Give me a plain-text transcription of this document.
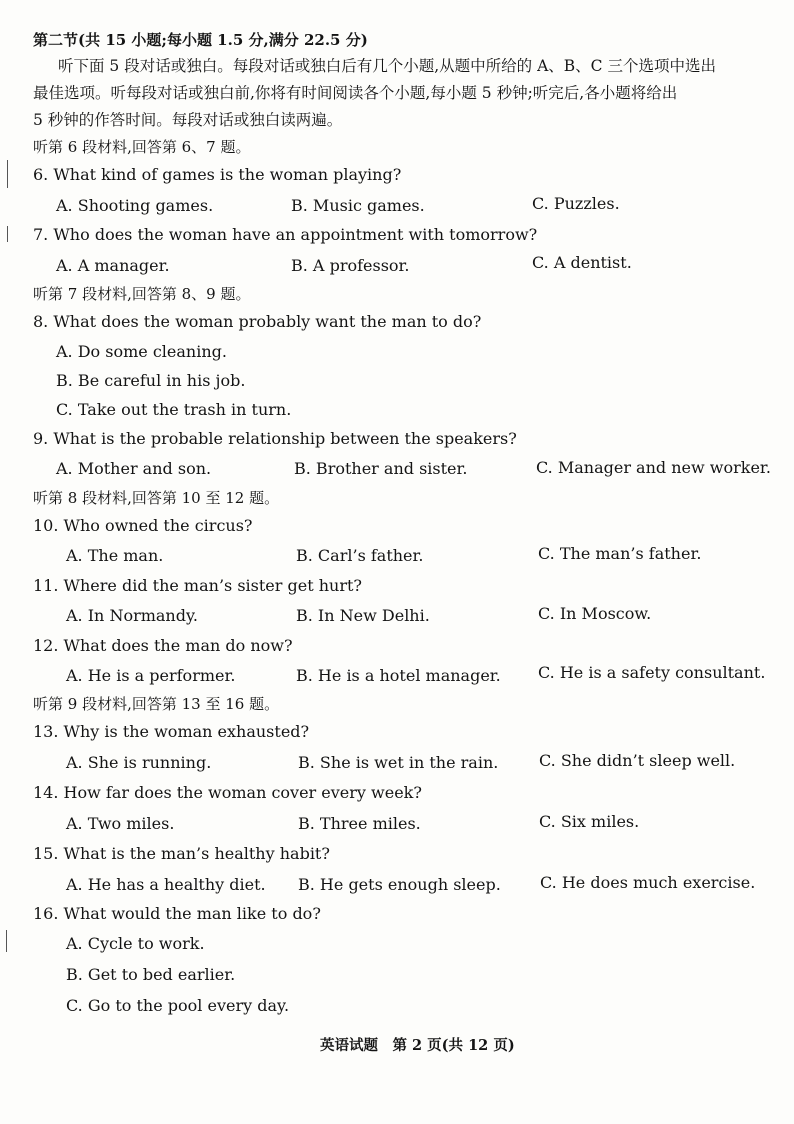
第二节(共 15 小题;每小题 1.5 分,满分 22.5 分)
听下面 5 段对话或独白。每段对话或独白后有几个小题,从题中所给的 A、B、C 三个选项中选出
最佳选项。听每段对话或独白前,你将有时间阅读各个小题,每小题 5 秒钟;听完后,各小题将给出
5 秒钟的作答时间。每段对话或独白读两遍。
听第 6 段材料,回答第 6、7 题。
6. What kind of games is the woman playing?
A. Shooting games.	B. Music games.	C. Puzzles.
7. Who does the woman have an appointment with tomorrow?
A. A manager.	B. A professor.	C. A dentist.
听第 7 段材料,回答第 8、9 题。
8. What does the woman probably want the man to do?
A. Do some cleaning.
B. Be careful in his job.
C. Take out the trash in turn.
9. What is the probable relationship between the speakers?
A. Mother and son.	B. Brother and sister.	C. Manager and new worker.
听第 8 段材料,回答第 10 至 12 题。
10. Who owned the circus?
A. The man.	B. Carl’s father.	C. The man’s father.
11. Where did the man’s sister get hurt?
A. In Normandy.	B. In New Delhi.	C. In Moscow.
12. What does the man do now?
A. He is a performer.	B. He is a hotel manager. C. He is a safety consultant.
听第 9 段材料,回答第 13 至 16 题。
13. Why is the woman exhausted?
A. She is running.	B. She is wet in the rain.	C. She didn’t sleep well.
14. How far does the woman cover every week?
A. Two miles.	B. Three miles.	C. Six miles.
15. What is the man’s healthy habit?
A. He has a healthy diet. B. He gets enough sleep. C. He does much exercise.
16. What would the man like to do?
A. Cycle to work.
B. Get to bed earlier.
C. Go to the pool every day.
英语试题　第 2 页(共 12 页)
